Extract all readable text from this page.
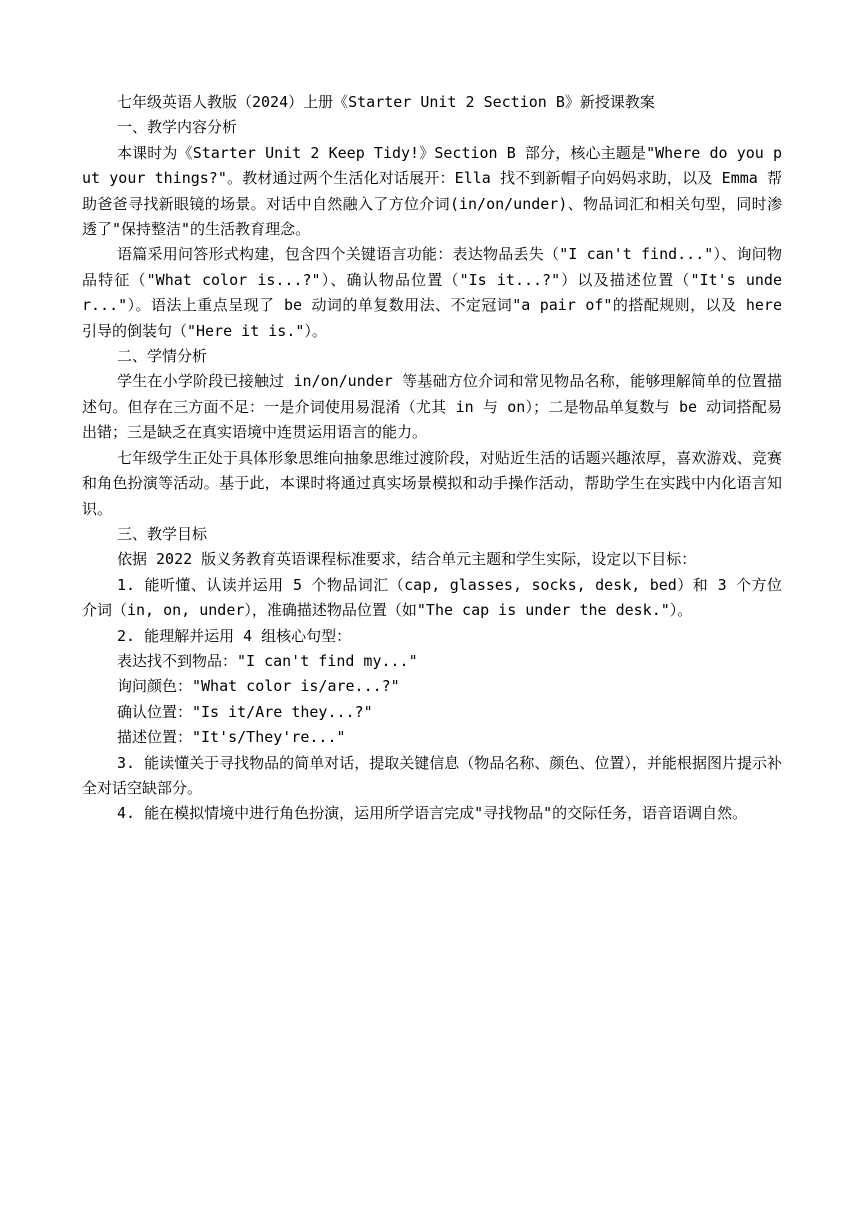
七年级英语人教版（2024）上册《Starter Unit 2 Section B》新授课教案

一、教学内容分析

本课时为《Starter Unit 2 Keep Tidy!》Section B 部分，核心主题是"Where do you put your things?"。教材通过两个生活化对话展开：Ella 找不到新帽子向妈妈求助，以及 Emma 帮助爸爸寻找新眼镜的场景。对话中自然融入了方位介词(in/on/under)、物品词汇和相关句型，同时渗透了"保持整洁"的生活教育理念。

语篇采用问答形式构建，包含四个关键语言功能：表达物品丢失（"I can't find..."）、询问物品特征（"What color is...?"）、确认物品位置（"Is it...?"）以及描述位置（"It's under..."）。语法上重点呈现了 be 动词的单复数用法、不定冠词"a pair of"的搭配规则，以及 here 引导的倒装句（"Here it is."）。

二、学情分析

学生在小学阶段已接触过 in/on/under 等基础方位介词和常见物品名称，能够理解简单的位置描述句。但存在三方面不足：一是介词使用易混淆（尤其 in 与 on）；二是物品单复数与 be 动词搭配易出错；三是缺乏在真实语境中连贯运用语言的能力。

七年级学生正处于具体形象思维向抽象思维过渡阶段，对贴近生活的话题兴趣浓厚，喜欢游戏、竞赛和角色扮演等活动。基于此，本课时将通过真实场景模拟和动手操作活动，帮助学生在实践中内化语言知识。

三、教学目标

依据 2022 版义务教育英语课程标准要求，结合单元主题和学生实际，设定以下目标：

1. 能听懂、认读并运用 5 个物品词汇（cap, glasses, socks, desk, bed）和 3 个方位介词（in, on, under），准确描述物品位置（如"The cap is under the desk."）。

2. 能理解并运用 4 组核心句型：

表达找不到物品："I can't find my..."

询问颜色："What color is/are...?"

确认位置："Is it/Are they...?"

描述位置："It's/They're..."

3. 能读懂关于寻找物品的简单对话，提取关键信息（物品名称、颜色、位置），并能根据图片提示补全对话空缺部分。

4. 能在模拟情境中进行角色扮演，运用所学语言完成"寻找物品"的交际任务，语音语调自然。
